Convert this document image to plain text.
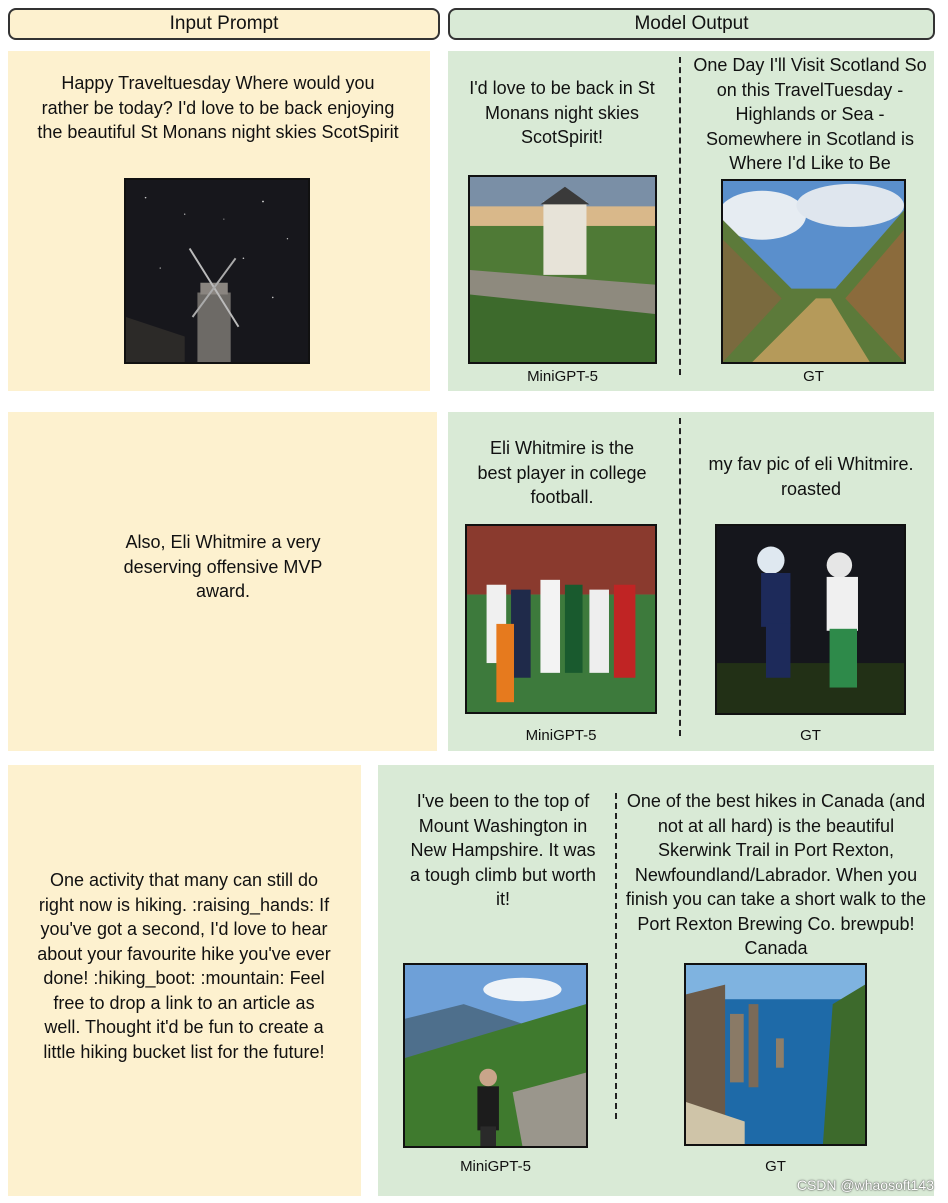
Input Prompt	Model Output
Happy Traveltuesday Where would you rather be today? I'd love to be back enjoying the beautiful St Monans night skies ScotSpirit
I'd love to be back in St Monans night skies ScotSpirit!
MiniGPT-5
One Day I'll Visit Scotland So on this TravelTuesday - Highlands or Sea - Somewhere in Scotland is Where I'd Like to Be
GT
Also, Eli Whitmire a very deserving offensive MVP award.
Eli Whitmire is the best player in college football.
MiniGPT-5
my fav pic of eli Whitmire. roasted
GT
One activity that many can still do right now is hiking. :raising_hands: If you've got a second, I'd love to hear about your favourite hike you've ever done! :hiking_boot: :mountain: Feel free to drop a link to an article as well. Thought it'd be fun to create a little hiking bucket list for the future!
I've been to the top of Mount Washington in New Hampshire. It was a tough climb but worth it!
MiniGPT-5
One of the best hikes in Canada (and not at all hard) is the beautiful Skerwink Trail in Port Rexton, Newfoundland/Labrador. When you finish you can take a short walk to the Port Rexton Brewing Co. brewpub! Canada
GT
CSDN @whaosoft143
